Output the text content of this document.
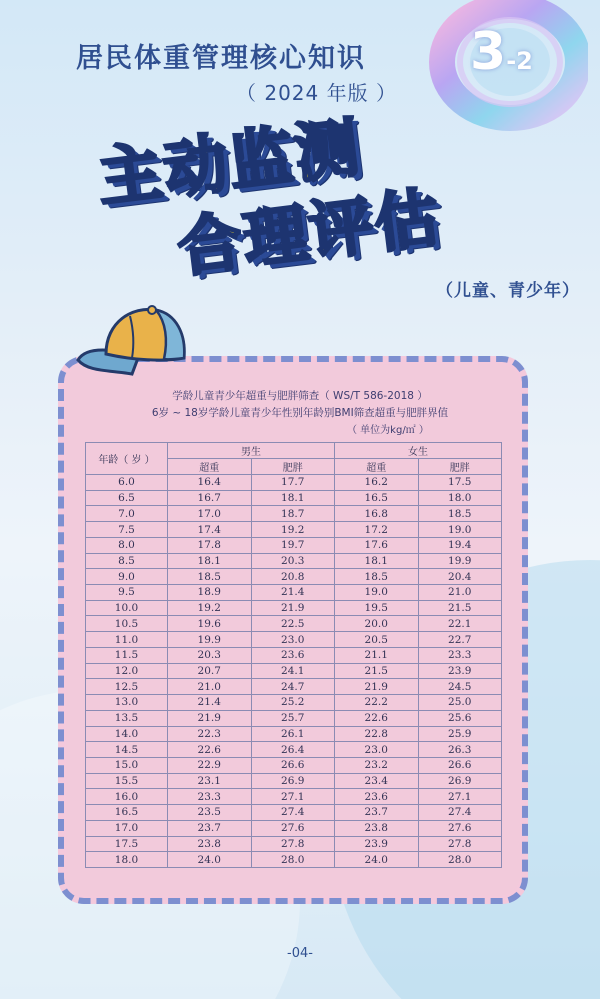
居民体重管理核心知识
（ 2024 年版 ）
3-2
主动监测
合理评估
（儿童、青少年）
学龄儿童青少年超重与肥胖筛查（ WS/T 586-2018 ）
6岁 ~ 18岁学龄儿童青少年性别年龄别BMI筛查超重与肥胖界值
（ 单位为kg/㎡ ）
年龄（ 岁 ）	男生		女生	
	超重	肥胖	超重	肥胖
6.0	16.4	17.7	16.2	17.5
6.5	16.7	18.1	16.5	18.0
7.0	17.0	18.7	16.8	18.5
7.5	17.4	19.2	17.2	19.0
8.0	17.8	19.7	17.6	19.4
8.5	18.1	20.3	18.1	19.9
9.0	18.5	20.8	18.5	20.4
9.5	18.9	21.4	19.0	21.0
10.0	19.2	21.9	19.5	21.5
10.5	19.6	22.5	20.0	22.1
11.0	19.9	23.0	20.5	22.7
11.5	20.3	23.6	21.1	23.3
12.0	20.7	24.1	21.5	23.9
12.5	21.0	24.7	21.9	24.5
13.0	21.4	25.2	22.2	25.0
13.5	21.9	25.7	22.6	25.6
14.0	22.3	26.1	22.8	25.9
14.5	22.6	26.4	23.0	26.3
15.0	22.9	26.6	23.2	26.6
15.5	23.1	26.9	23.4	26.9
16.0	23.3	27.1	23.6	27.1
16.5	23.5	27.4	23.7	27.4
17.0	23.7	27.6	23.8	27.6
17.5	23.8	27.8	23.9	27.8
18.0	24.0	28.0	24.0	28.0
-04-
